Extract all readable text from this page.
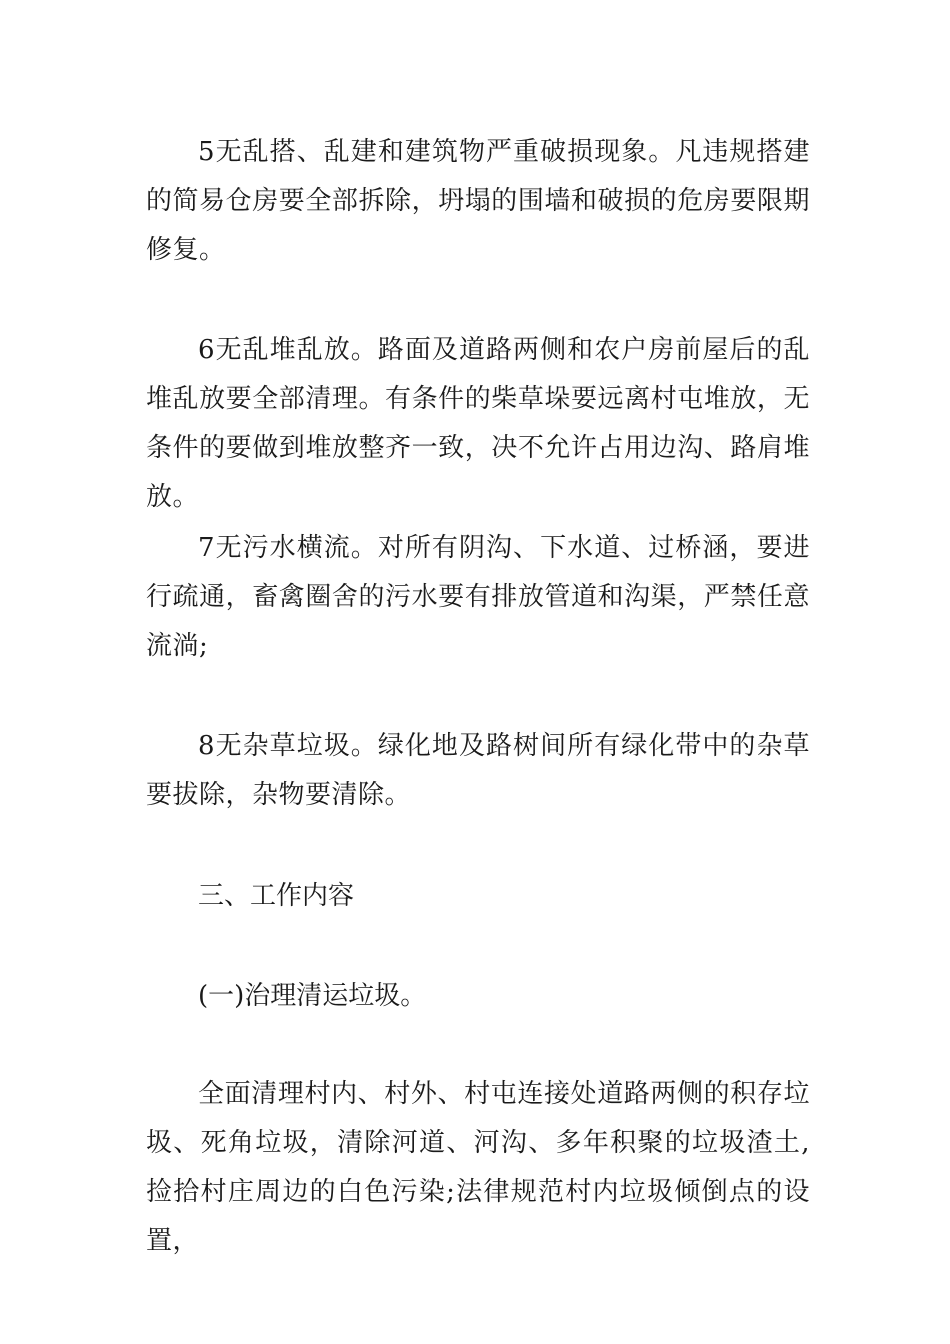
5无乱搭、乱建和建筑物严重破损现象。凡违规搭建的简易仓房要全部拆除，坍塌的围墙和破损的危房要限期修复。

6无乱堆乱放。路面及道路两侧和农户房前屋后的乱堆乱放要全部清理。有条件的柴草垛要远离村屯堆放，无条件的要做到堆放整齐一致，决不允许占用边沟、路肩堆放。

7无污水横流。对所有阴沟、下水道、过桥涵，要进行疏通，畜禽圈舍的污水要有排放管道和沟渠，严禁任意流淌;

8无杂草垃圾。绿化地及路树间所有绿化带中的杂草要拔除，杂物要清除。

三、工作内容

(一)治理清运垃圾。

全面清理村内、村外、村屯连接处道路两侧的积存垃圾、死角垃圾，清除河道、河沟、多年积聚的垃圾渣土,捡拾村庄周边的白色污染;法律规范村内垃圾倾倒点的设置，
